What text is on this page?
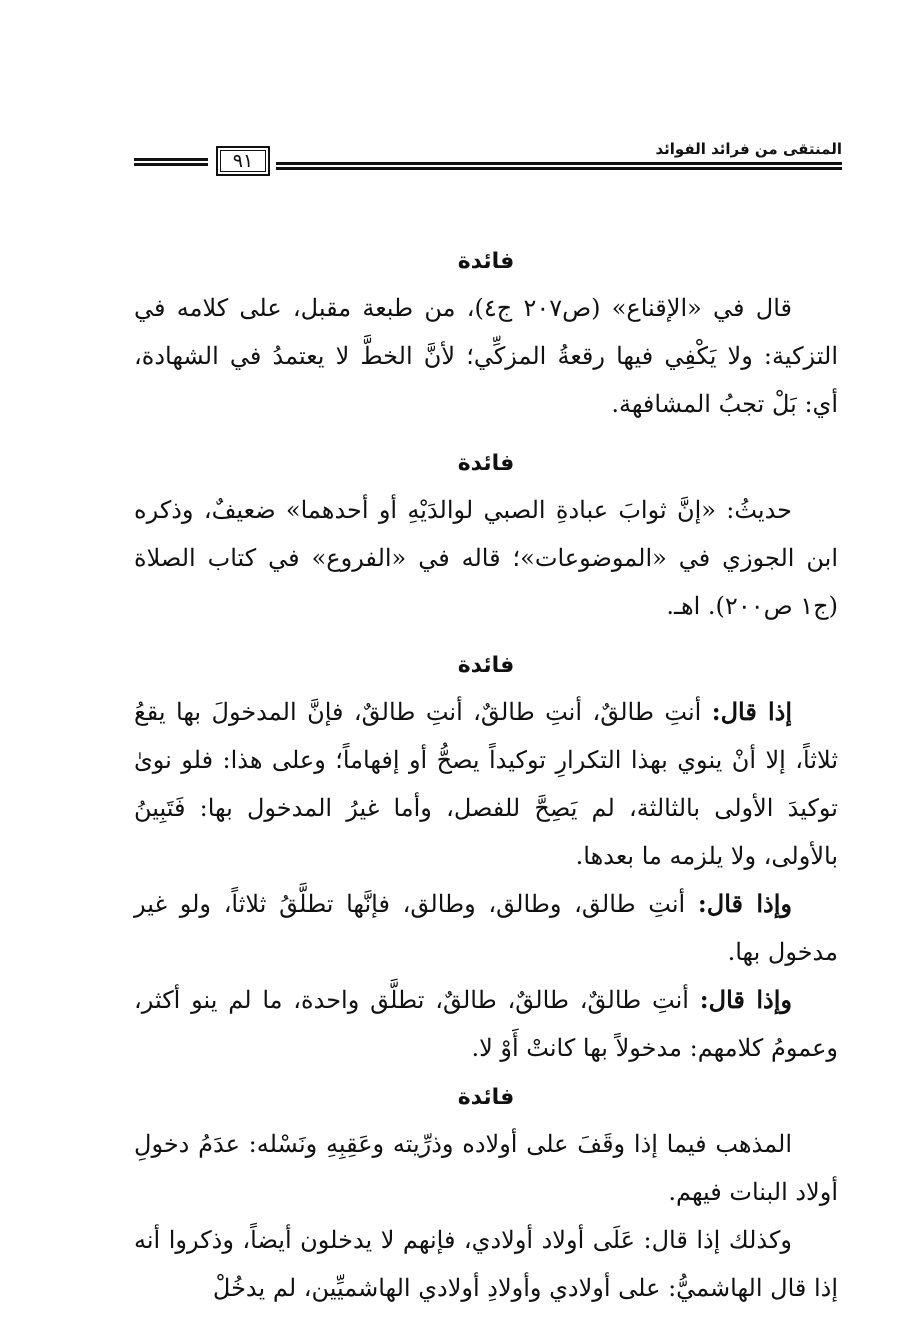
٩١
المنتقى من فرائد الفوائد

فائدة

قال في «الإقناع» (ص٢٠٧ ج٤)، من طبعة مقبل، على كلامه في التزكية: ولا يَكْفِي فيها رقعةُ المزكِّي؛ لأنَّ الخطَّ لا يعتمدُ في الشهادة، أي: بَلْ تجبُ المشافهة.

فائدة

حديثُ: «إنَّ ثوابَ عبادةِ الصبي لوالدَيْهِ أو أحدهما» ضعيفٌ، وذكره ابن الجوزي في «الموضوعات»؛ قاله في «الفروع» في كتاب الصلاة (ج١ ص٢٠٠). اهـ.

فائدة

إذا قال: أنتِ طالقٌ، أنتِ طالقٌ، أنتِ طالقٌ، فإنَّ المدخولَ بها يقعُ ثلاثاً، إلا أنْ ينوي بهذا التكرارِ توكيداً يصحُّ أو إفهاماً؛ وعلى هذا: فلو نوىٰ توكيدَ الأولى بالثالثة، لم يَصِحَّ للفصل، وأما غيرُ المدخول بها: فَتَبِينُ بالأولى، ولا يلزمه ما بعدها.

وإذا قال: أنتِ طالق، وطالق، وطالق، فإنَّها تطلَّقُ ثلاثاً، ولو غير مدخول بها.

وإذا قال: أنتِ طالقٌ، طالقٌ، طالقٌ، تطلَّق واحدة، ما لم ينو أكثر، وعمومُ كلامهم: مدخولاً بها كانتْ أَوْ لا.

فائدة

المذهب فيما إذا وقَفَ على أولاده وذرِّيته وعَقِبِهِ ونَسْله: عدَمُ دخولِ أولاد البنات فيهم.

وكذلك إذا قال: عَلَى أولاد أولادي، فإنهم لا يدخلون أيضاً، وذكروا أنه إذا قال الهاشميُّ: على أولادي وأولادِ أولادي الهاشميِّين، لم يدخُلْ
